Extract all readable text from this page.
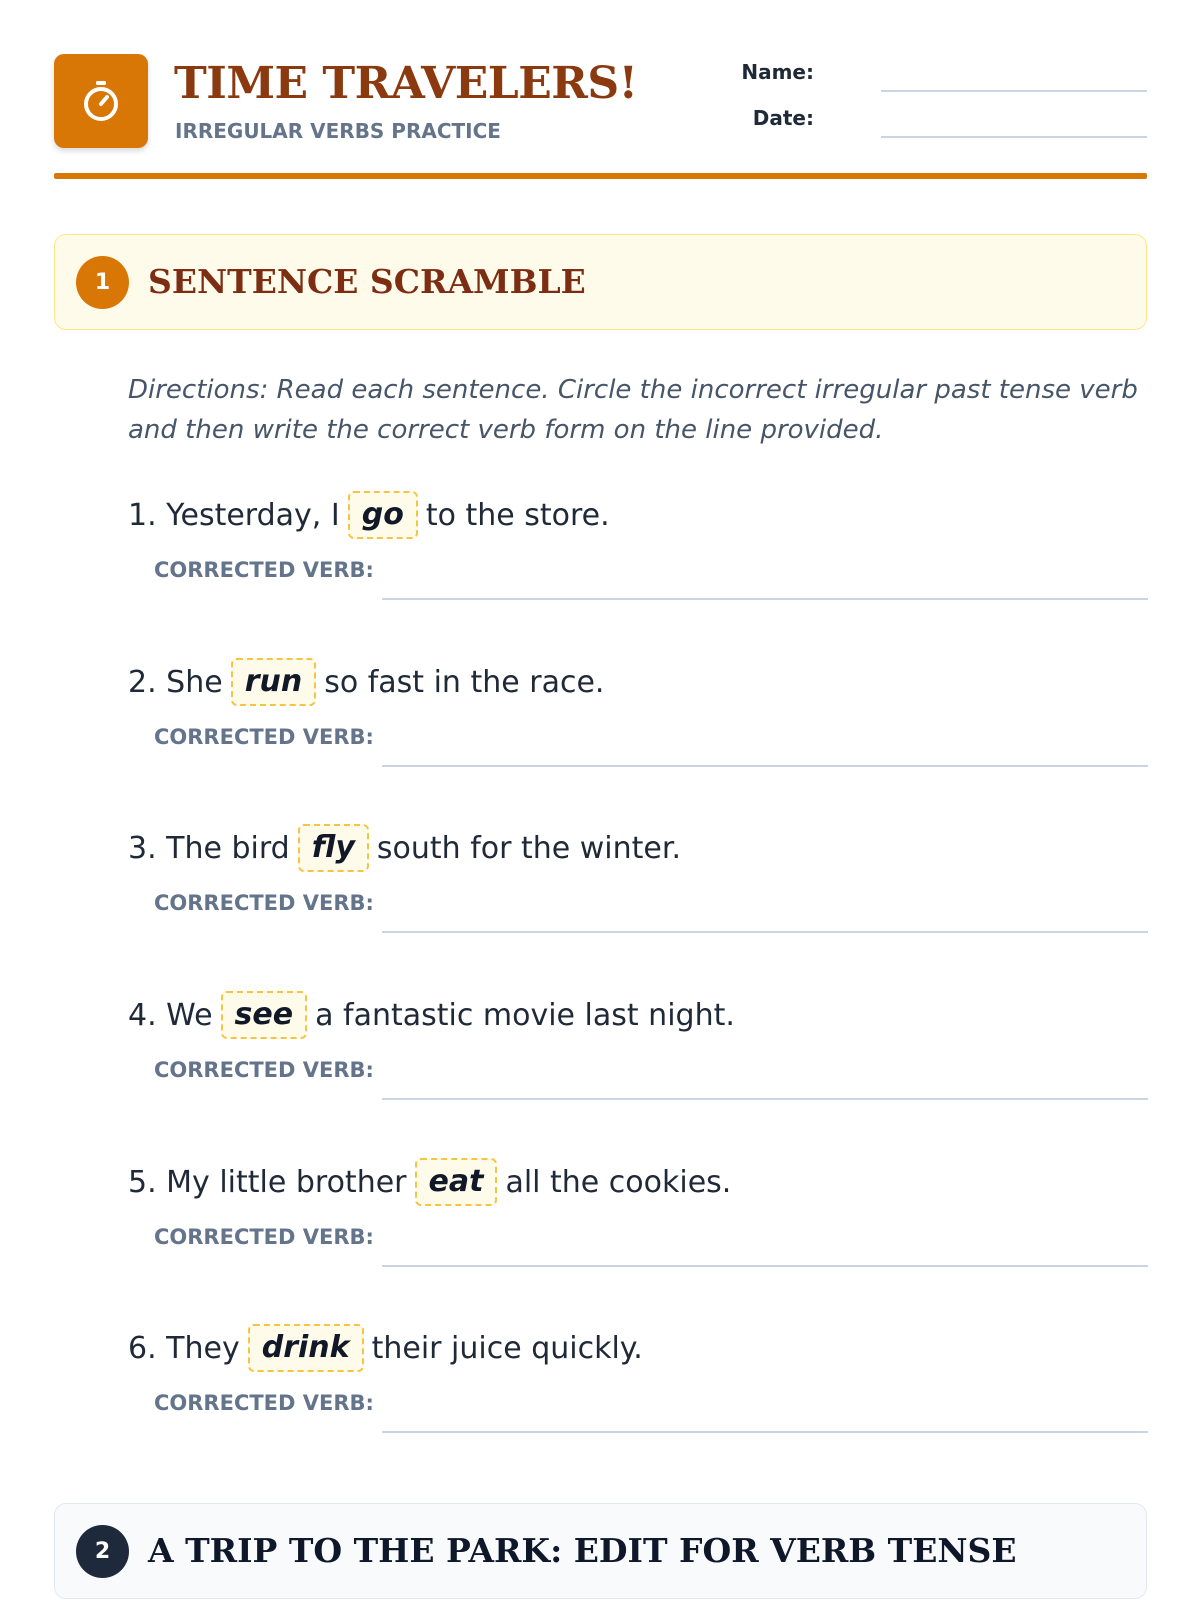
TIME TRAVELERS!
IRREGULAR VERBS PRACTICE
Name:
Date:
1	SENTENCE SCRAMBLE
Directions: Read each sentence. Circle the incorrect irregular past tense verb and then write the correct verb form on the line provided.
1. Yesterday, I go to the store.
CORRECTED VERB:
2. She run so fast in the race.
CORRECTED VERB:
3. The bird fly south for the winter.
CORRECTED VERB:
4. We see a fantastic movie last night.
CORRECTED VERB:
5. My little brother eat all the cookies.
CORRECTED VERB:
6. They drink their juice quickly.
CORRECTED VERB:
2	A TRIP TO THE PARK: EDIT FOR VERB TENSE
